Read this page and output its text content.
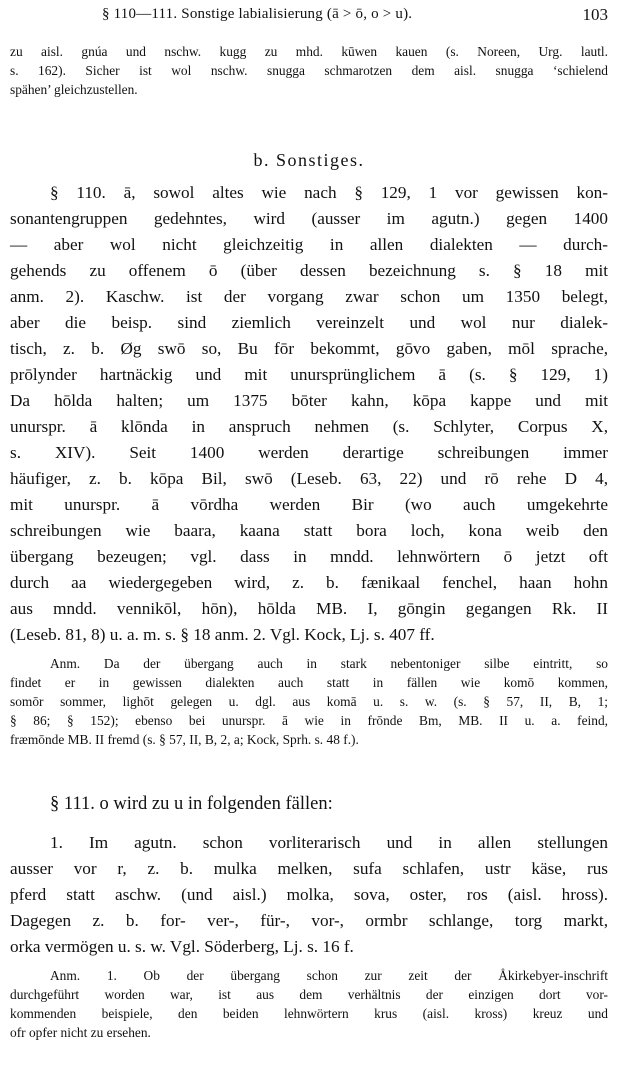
§ 110—111. Sonstige labialisierung (ā > ō, o > u).	103
zu aisl. gnúa und nschw. kugg zu mhd. kūwen kauen (s. Noreen, Urg. lautl.
s. 162). Sicher ist wol nschw. snugga schmarotzen dem aisl. snugga ‘schielend
spähen’ gleichzustellen.
b. Sonstiges.
§ 110. ā, sowol altes wie nach § 129, 1 vor gewissen kon-
sonantengruppen gedehntes, wird (ausser im agutn.) gegen 1400
— aber wol nicht gleichzeitig in allen dialekten — durch-
gehends zu offenem ō (über dessen bezeichnung s. § 18 mit
anm. 2). Kaschw. ist der vorgang zwar schon um 1350 belegt,
aber die beisp. sind ziemlich vereinzelt und wol nur dialek-
tisch, z. b. Øg swō so, Bu fōr bekommt, gōvo gaben, mōl sprache,
prōlynder hartnäckig und mit unursprünglichem ā (s. § 129, 1)
Da hōlda halten; um 1375 bōter kahn, kōpa kappe und mit
unurspr. ā klōnda in anspruch nehmen (s. Schlyter, Corpus X,
s. XIV). Seit 1400 werden derartige schreibungen immer
häufiger, z. b. kōpa Bil, swō (Leseb. 63, 22) und rō rehe D 4,
mit unurspr. ā vōrdha werden Bir (wo auch umgekehrte
schreibungen wie baara, kaana statt bora loch, kona weib den
übergang bezeugen; vgl. dass in mndd. lehnwörtern ō jetzt oft
durch aa wiedergegeben wird, z. b. fænikaal fenchel, haan hohn
aus mndd. vennikōl, hōn), hōlda MB. I, gōngin gegangen Rk. II
(Leseb. 81, 8) u. a. m. s. § 18 anm. 2. Vgl. Kock, Lj. s. 407 ff.
Anm. Da der übergang auch in stark nebentoniger silbe eintritt, so
findet er in gewissen dialekten auch statt in fällen wie komō kommen,
somōr sommer, lighōt gelegen u. dgl. aus komā u. s. w. (s. § 57, II, B, 1;
§ 86; § 152); ebenso bei unurspr. ā wie in frōnde Bm, MB. II u. a. feind,
fræmōnde MB. II fremd (s. § 57, II, B, 2, a; Kock, Sprh. s. 48 f.).
§ 111. o wird zu u in folgenden fällen:
1. Im agutn. schon vorliterarisch und in allen stellungen
ausser vor r, z. b. mulka melken, sufa schlafen, ustr käse, rus
pferd statt aschw. (und aisl.) molka, sova, oster, ros (aisl. hross).
Dagegen z. b. for- ver-, für-, vor-, ormbr schlange, torg markt,
orka vermögen u. s. w. Vgl. Söderberg, Lj. s. 16 f.
Anm. 1. Ob der übergang schon zur zeit der Åkirkebyer-inschrift
durchgeführt worden war, ist aus dem verhältnis der einzigen dort vor-
kommenden beispiele, den beiden lehnwörtern krus (aisl. kross) kreuz und
ofr opfer nicht zu ersehen.
